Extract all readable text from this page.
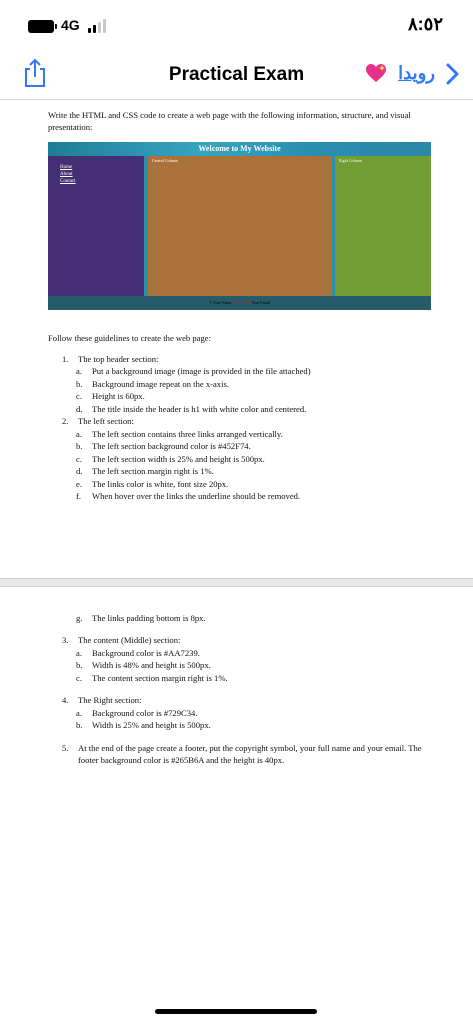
4G	٨:٥٢
Practical Exam	رويدا
Write the HTML and CSS code to create a web page with the following information, structure, and visual presentation:
Welcome to My Website
Home
About
Contact
Central Column	Right Column
© Your Name Your Email Your Email
Follow these guidelines to create the web page:
1. The top header section:
a. Put a background image (image is provided in the file attached)
b. Background image repeat on the x-axis.
c. Height is 60px.
d. The title inside the header is h1 with white color and centered.
2. The left section:
a. The left section contains three links arranged vertically.
b. The left section background color is #452F74.
c. The left section width is 25% and height is 500px.
d. The left section margin right is 1%.
e. The links color is white, font size 20px.
f. When hover over the links the underline should be removed.
g. The links padding bottom is 8px.
3. The content (Middle) section:
a. Background color is #AA7239.
b. Width is 48% and height is 500px.
c. The content section margin right is 1%.
4. The Right section:
a. Background color is #729C34.
b. Width is 25% and height is 500px.
5. At the end of the page create a footer, put the copyright symbol, your full name and your email. The footer background color is #265B6A and the height is 40px.
